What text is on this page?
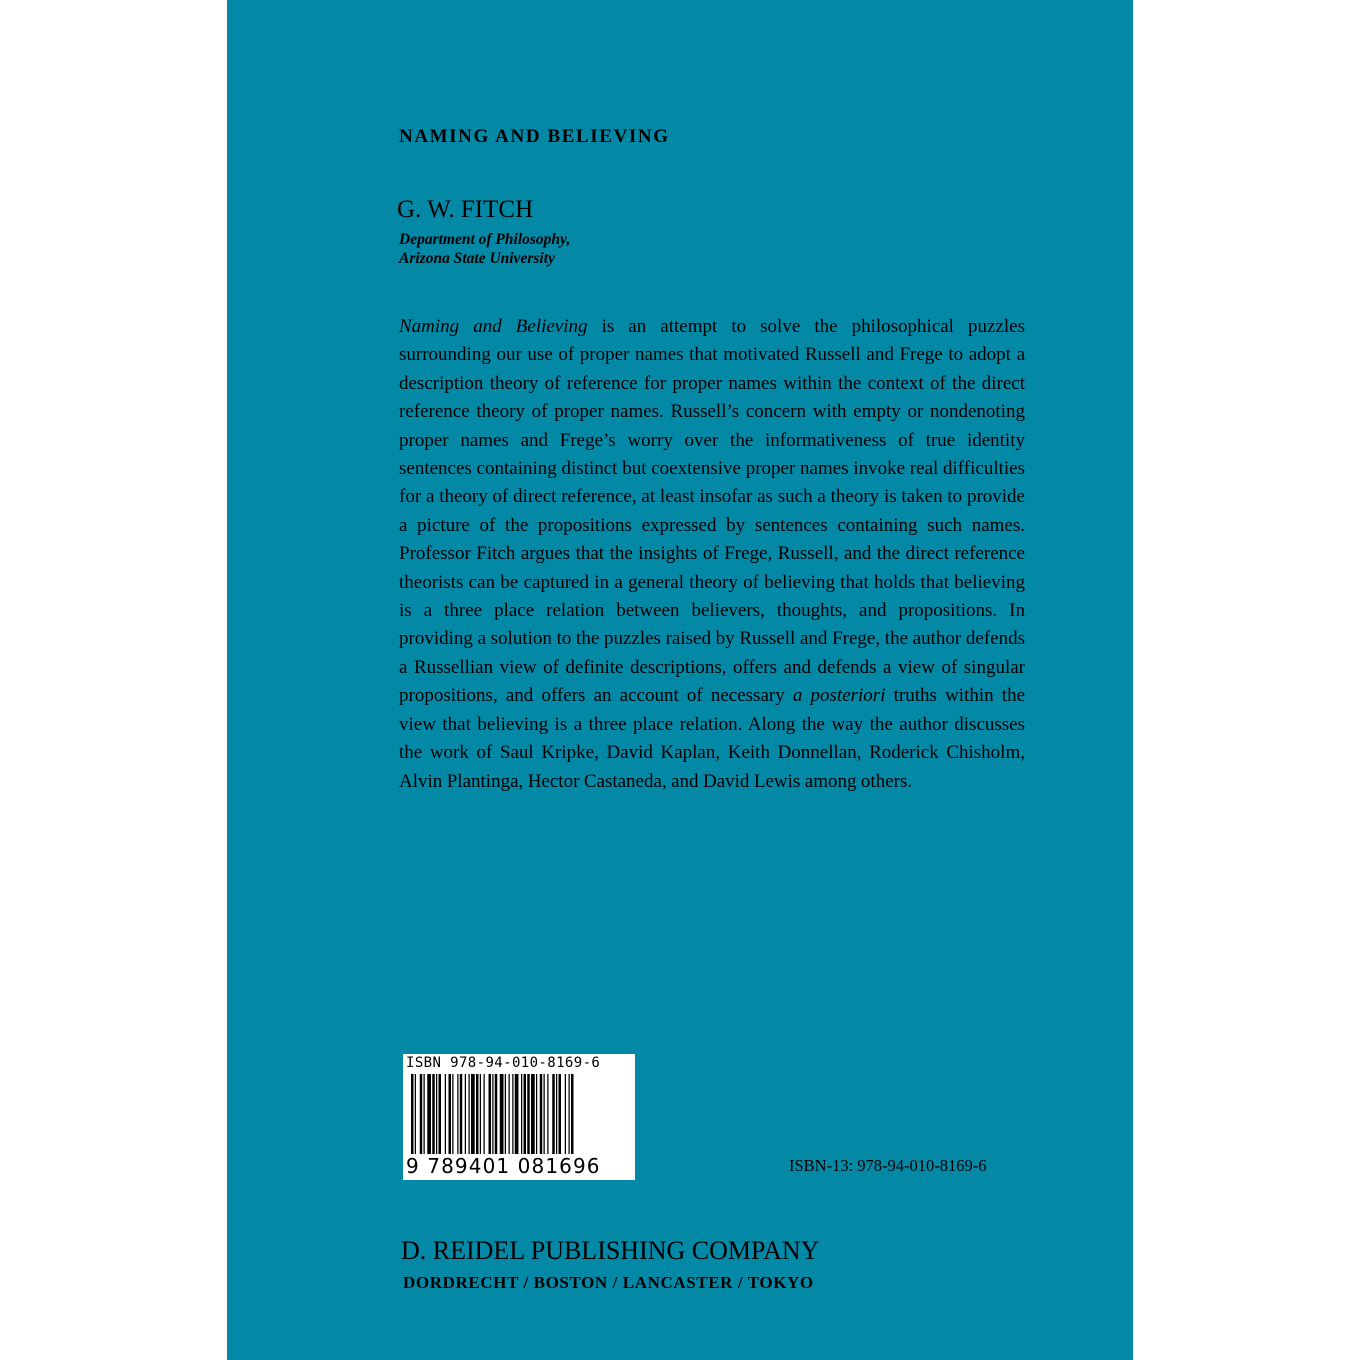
NAMING AND BELIEVING
G. W. FITCH
Department of Philosophy,
Arizona State University
Naming and Believing is an attempt to solve the philosophical puzzles surrounding our use of proper names that motivated Russell and Frege to adopt a description theory of reference for proper names within the context of the direct reference theory of proper names. Russell’s concern with empty or nondenoting proper names and Frege’s worry over the informativeness of true identity sentences containing distinct but coextensive proper names invoke real difficulties for a theory of direct reference, at least insofar as such a theory is taken to provide a picture of the propositions expressed by sentences containing such names. Professor Fitch argues that the insights of Frege, Russell, and the direct reference theorists can be captured in a general theory of believing that holds that believing is a three place relation between believers, thoughts, and propositions. In providing a solution to the puzzles raised by Russell and Frege, the author defends a Russellian view of definite descriptions, offers and defends a view of singular propositions, and offers an account of necessary a posteriori truths within the view that believing is a three place relation. Along the way the author discusses the work of Saul Kripke, David Kaplan, Keith Donnellan, Roderick Chisholm, Alvin Plantinga, Hector Castaneda, and David Lewis among others.
ISBN 978-94-010-8169-6
9 789401 081696	ISBN-13: 978-94-010-8169-6
D. REIDEL PUBLISHING COMPANY
DORDRECHT / BOSTON / LANCASTER / TOKYO
